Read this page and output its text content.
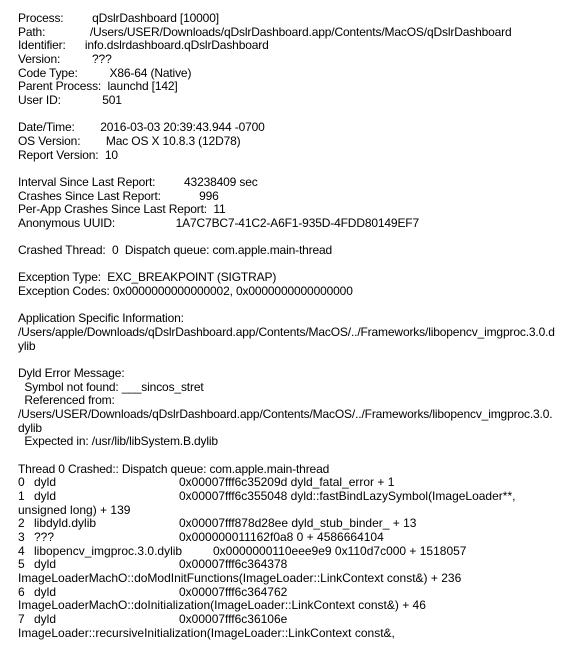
Process: qDslrDashboard [10000]
Path:	/Users/USER/Downloads/qDslrDashboard.app/Contents/MacOS/qDslrDashboard
Identifier: info.dslrdashboard.qDslrDashboard
Version:	???
Code Type:	X86-64 (Native)
Parent Process: launchd [142]
User ID:	501
Date/Time: 2016-03-03 20:39:43.944 -0700
OS Version: Mac OS X 10.8.3 (12D78)
Report Version: 10
Interval Since Last Report: 43238409 sec
Crashes Since Last Report:	996
Per-App Crashes Since Last Report: 11
Anonymous UUID:	1A7C7BC7-41C2-A6F1-935D-4FDD80149EF7
Crashed Thread:  0  Dispatch queue: com.apple.main-thread
Exception Type:  EXC_BREAKPOINT (SIGTRAP)
Exception Codes: 0x0000000000000002, 0x0000000000000000
Application Specific Information:
/Users/apple/Downloads/qDslrDashboard.app/Contents/MacOS/../Frameworks/libopencv_imgproc.3.0.dylib
Dyld Error Message:
Symbol not found: ___sincos_stret
Referenced from: /Users/USER/Downloads/qDslrDashboard.app/Contents/MacOS/../Frameworks/libopencv_imgproc.3.0.dylib
Expected in: /usr/lib/libSystem.B.dylib
Thread 0 Crashed:: Dispatch queue: com.apple.main-thread
0 dyld	0x00007fff6c35209d dyld_fatal_error + 1
1 dyld	0x00007fff6c355048 dyld::fastBindLazySymbol(ImageLoader**, unsigned long) + 139
2 libdyld.dylib	0x00007fff878d28ee dyld_stub_binder_ + 13
3 ???	0x000000011162f0a8 0 + 4586664104
4 libopencv_imgproc.3.0.dylib	0x0000000110eee9e9 0x110d7c000 + 1518057
5 dyld	0x00007fff6c364378
ImageLoaderMachO::doModInitFunctions(ImageLoader::LinkContext const&) + 236
6 dyld	0x00007fff6c364762
ImageLoaderMachO::doInitialization(ImageLoader::LinkContext const&) + 46
7 dyld	0x00007fff6c36106e
ImageLoader::recursiveInitialization(ImageLoader::LinkContext const&,
